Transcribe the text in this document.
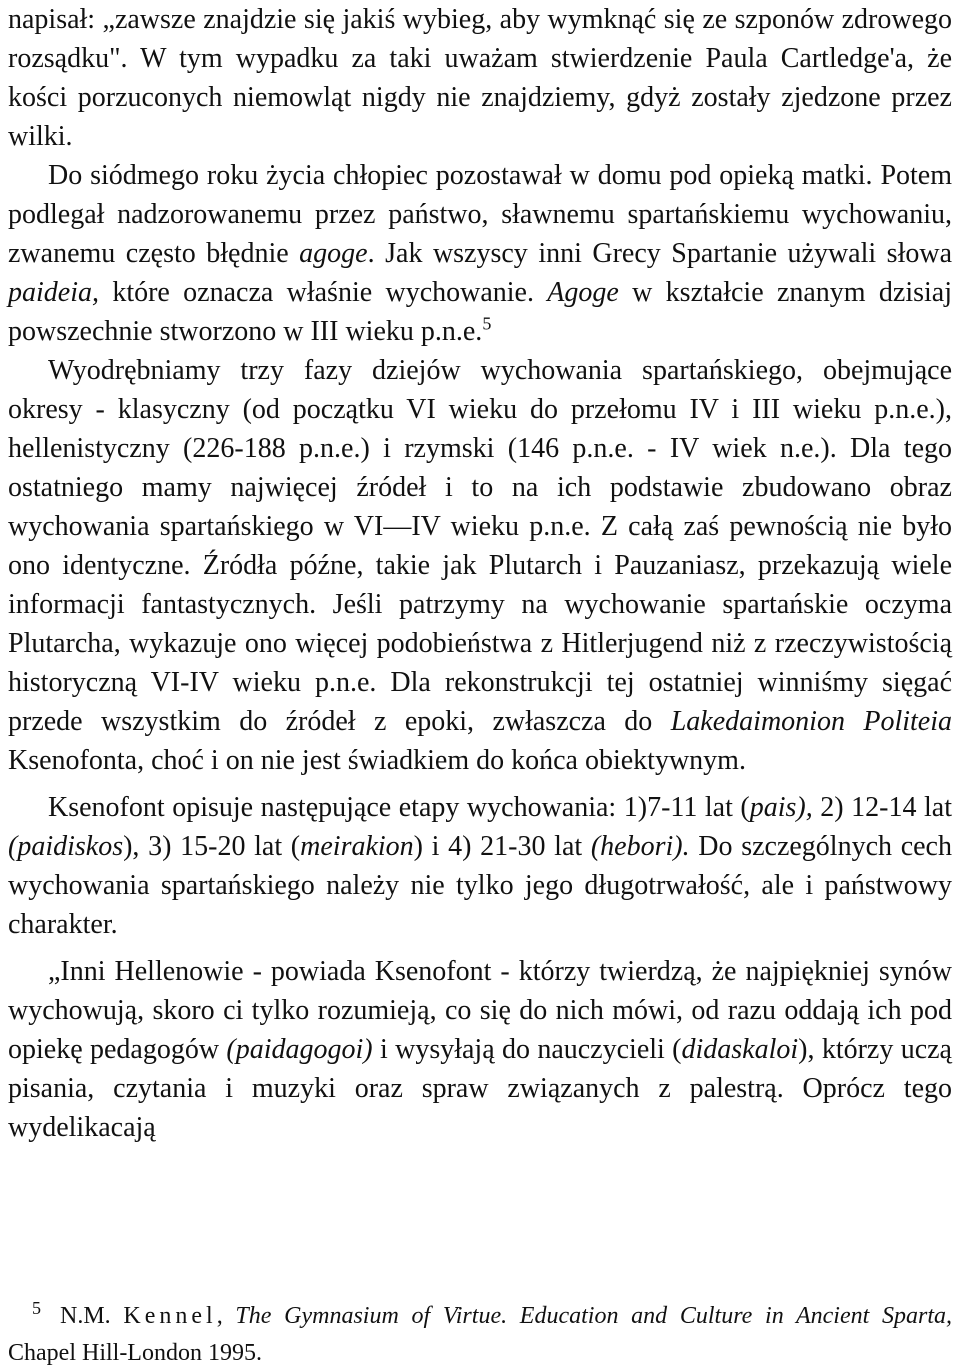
napisał: „zawsze znajdzie się jakiś wybieg, aby wymknąć się ze szponów zdrowego rozsądku". W tym wypadku za taki uważam stwierdzenie Paula Cartledge'a, że kości porzuconych niemowląt nigdy nie znajdziemy, gdyż zostały zjedzone przez wilki.

Do siódmego roku życia chłopiec pozostawał w domu pod opieką matki. Potem podlegał nadzorowanemu przez państwo, sławnemu spartańskiemu wychowaniu, zwanemu często błędnie agoge. Jak wszyscy inni Grecy Spartanie używali słowa paideia, które oznacza właśnie wychowanie. Agoge w kształcie znanym dzisiaj powszechnie stworzono w III wieku p.n.e.$^5$

Wyodrębniamy trzy fazy dziejów wychowania spartańskiego, obejmujące okresy - klasyczny (od początku VI wieku do przełomu IV i III wieku p.n.e.), hellenistyczny (226-188 p.n.e.) i rzymski (146 p.n.e. - IV wiek n.e.). Dla tego ostatniego mamy najwięcej źródeł i to na ich podstawie zbudowano obraz wychowania spartańskiego w VI—IV wieku p.n.e. Z całą zaś pewnością nie było ono identyczne. Źródła późne, takie jak Plutarch i Pauzaniasz, przekazują wiele informacji fantastycznych. Jeśli patrzymy na wychowanie spartańskie oczyma Plutarcha, wykazuje ono więcej podobieństwa z Hitlerjugend niż z rzeczywistością historyczną VI-IV wieku p.n.e. Dla rekonstrukcji tej ostatniej winniśmy sięgać przede wszystkim do źródeł z epoki, zwłaszcza do Lakedaimonion Politeia Ksenofonta, choć i on nie jest świadkiem do końca obiektywnym.

Ksenofont opisuje następujące etapy wychowania: 1)7-11 lat (pais), 2) 12-14 lat (paidiskos), 3) 15-20 lat (meirakion) i 4) 21-30 lat (hebori). Do szczególnych cech wychowania spartańskiego należy nie tylko jego długotrwałość, ale i państwowy charakter.

„Inni Hellenowie - powiada Ksenofont - którzy twierdzą, że najpiękniej synów wychowują, skoro ci tylko rozumieją, co się do nich mówi, od razu oddają ich pod opiekę pedagogów (paidagogoi) i wysyłają do nauczycieli (didaskaloi), którzy uczą pisania, czytania i muzyki oraz spraw związanych z palestrą. Oprócz tego wydelikacają

5 N.M. Kennel, The Gymnasium of Virtue. Education and Culture in Ancient Sparta, Chapel Hill-London 1995.
